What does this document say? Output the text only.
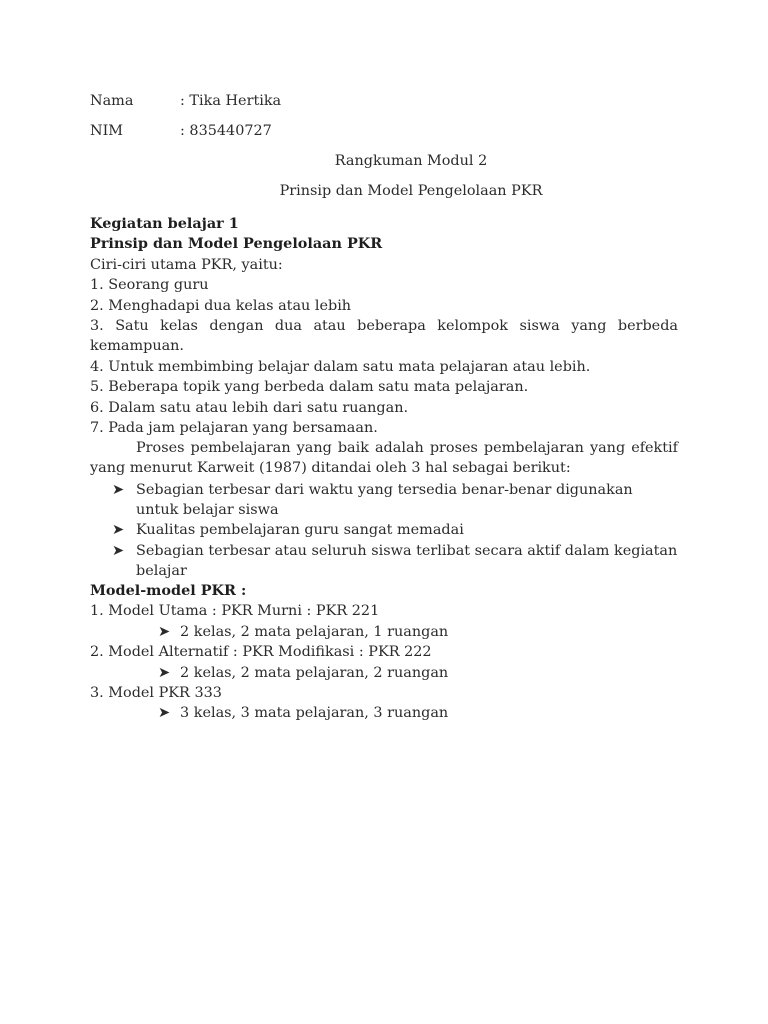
Nama	: Tika Hertika
NIM	: 835440727
Rangkuman Modul 2
Prinsip dan Model Pengelolaan PKR
Kegiatan belajar 1
Prinsip dan Model Pengelolaan PKR
Ciri-ciri utama PKR, yaitu:
1. Seorang guru
2. Menghadapi dua kelas atau lebih
3. Satu kelas dengan dua atau beberapa kelompok siswa yang berbeda kemampuan.
4. Untuk membimbing belajar dalam satu mata pelajaran atau lebih.
5. Beberapa topik yang berbeda dalam satu mata pelajaran.
6. Dalam satu atau lebih dari satu ruangan.
7. Pada jam pelajaran yang bersamaan.
Proses pembelajaran yang baik adalah proses pembelajaran yang efektif yang menurut Karweit (1987) ditandai oleh 3 hal sebagai berikut:
➤ Sebagian terbesar dari waktu yang tersedia benar-benar digunakan untuk belajar siswa
➤ Kualitas pembelajaran guru sangat memadai
➤ Sebagian terbesar atau seluruh siswa terlibat secara aktif dalam kegiatan belajar
Model-model PKR :
1. Model Utama : PKR Murni : PKR 221
➤ 2 kelas, 2 mata pelajaran, 1 ruangan
2. Model Alternatif : PKR Modifikasi : PKR 222
➤ 2 kelas, 2 mata pelajaran, 2 ruangan
3. Model PKR 333
➤ 3 kelas, 3 mata pelajaran, 3 ruangan
